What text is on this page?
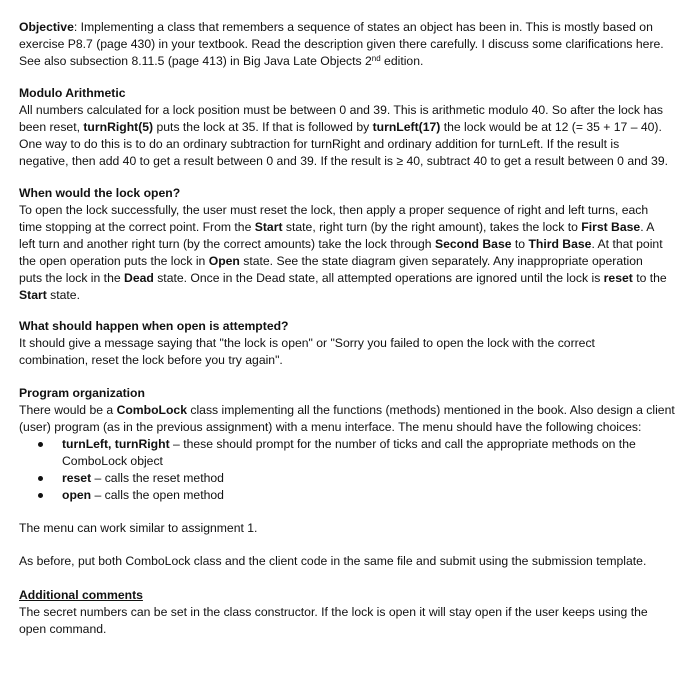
Objective: Implementing a class that remembers a sequence of states an object has been in. This is mostly based on
exercise P8.7 (page 430) in your textbook. Read the description given there carefully. I discuss some clarifications here.
See also subsection 8.11.5 (page 413) in Big Java Late Objects 2nd edition.
Modulo Arithmetic
All numbers calculated for a lock position must be between 0 and 39. This is arithmetic modulo 40. So after the lock has
been reset, turnRight(5) puts the lock at 35. If that is followed by turnLeft(17) the lock would be at 12 (= 35 + 17 – 40).
One way to do this is to do an ordinary subtraction for turnRight and ordinary addition for turnLeft. If the result is
negative, then add 40 to get a result between 0 and 39. If the result is ≥ 40, subtract 40 to get a result between 0 and 39.
When would the lock open?
To open the lock successfully, the user must reset the lock, then apply a proper sequence of right and left turns, each
time stopping at the correct point. From the Start state, right turn (by the right amount), takes the lock to First Base. A
left turn and another right turn (by the correct amounts) take the lock through Second Base to Third Base. At that point
the open operation puts the lock in Open state. See the state diagram given separately. Any inappropriate operation
puts the lock in the Dead state. Once in the Dead state, all attempted operations are ignored until the lock is reset to the
Start state.
What should happen when open is attempted?
It should give a message saying that "the lock is open" or "Sorry you failed to open the lock with the correct
combination, reset the lock before you try again".
Program organization
There would be a ComboLock class implementing all the functions (methods) mentioned in the book. Also design a client
(user) program (as in the previous assignment) with a menu interface. The menu should have the following choices:
turnLeft, turnRight – these should prompt for the number of ticks and call the appropriate methods on the
ComboLock object
reset – calls the reset method
open – calls the open method
The menu can work similar to assignment 1.
As before, put both ComboLock class and the client code in the same file and submit using the submission template.
Additional comments
The secret numbers can be set in the class constructor. If the lock is open it will stay open if the user keeps using the
open command.
